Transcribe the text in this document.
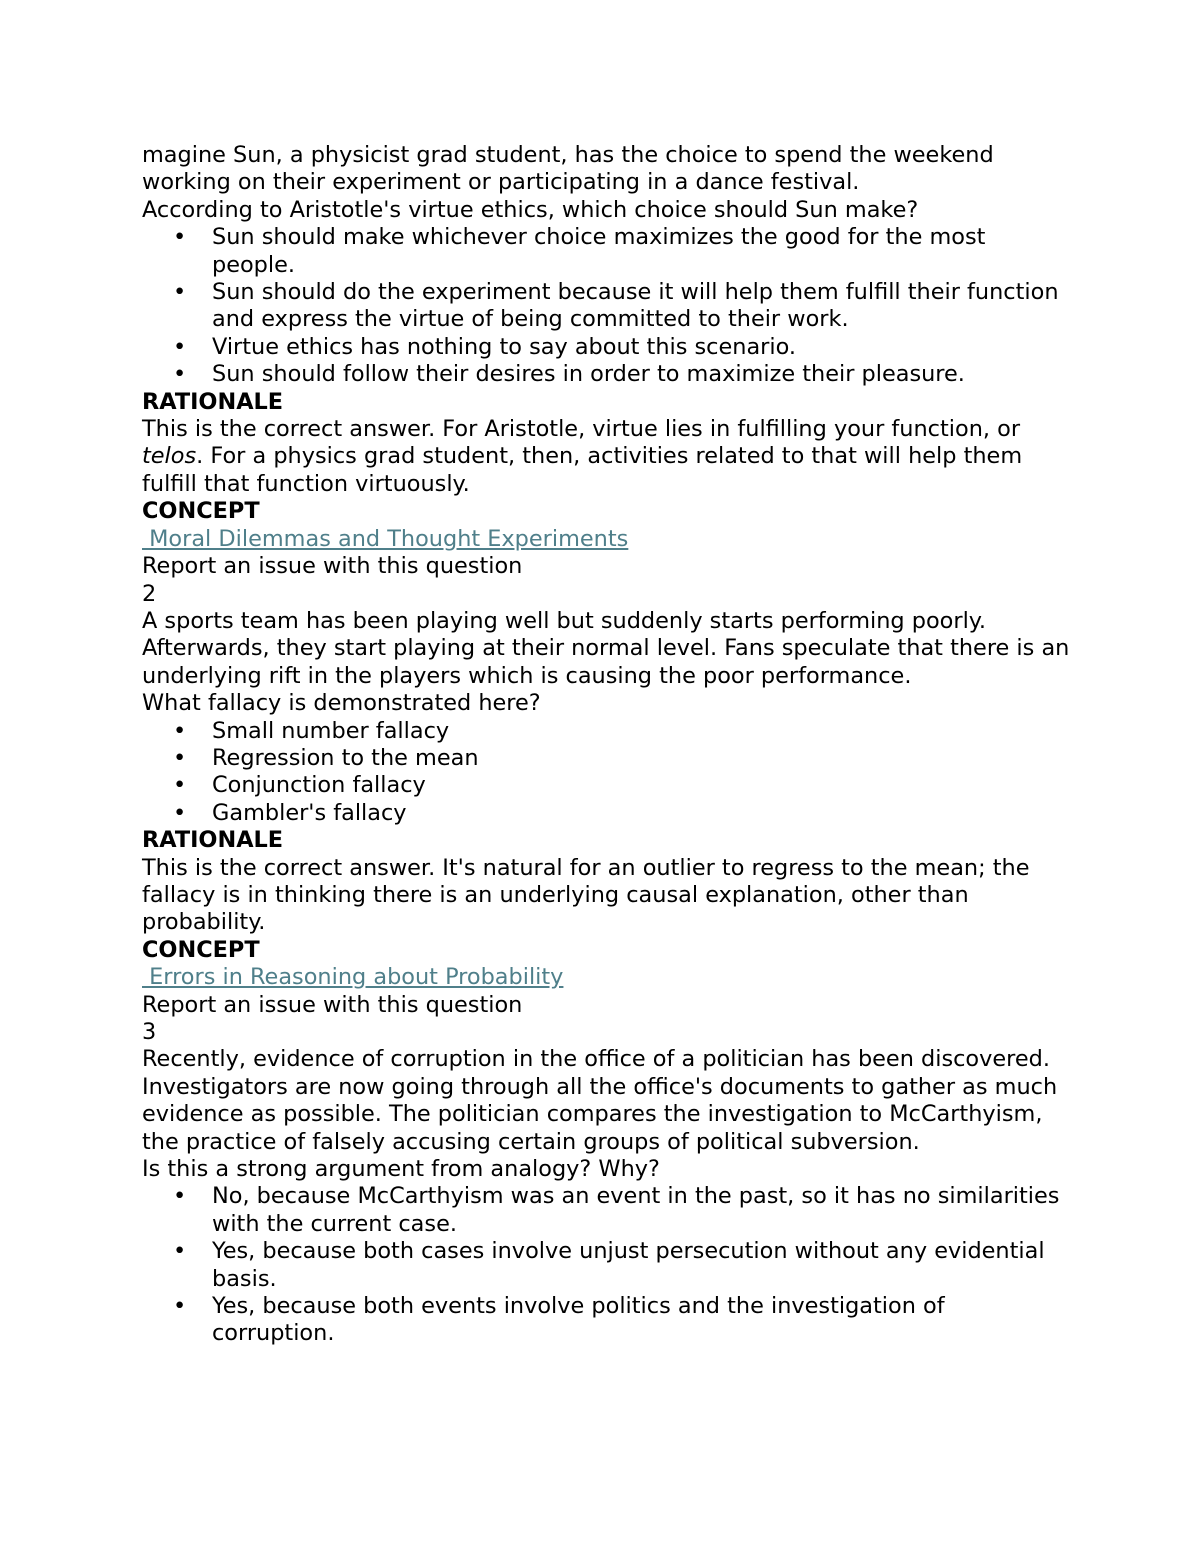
magine Sun, a physicist grad student, has the choice to spend the weekend working on their experiment or participating in a dance festival.

According to Aristotle's virtue ethics, which choice should Sun make?

• Sun should make whichever choice maximizes the good for the most people.
• Sun should do the experiment because it will help them fulfill their function and express the virtue of being committed to their work.
• Virtue ethics has nothing to say about this scenario.
• Sun should follow their desires in order to maximize their pleasure.

RATIONALE

This is the correct answer. For Aristotle, virtue lies in fulfilling your function, or telos. For a physics grad student, then, activities related to that will help them fulfill that function virtuously.

CONCEPT

Moral Dilemmas and Thought Experiments

Report an issue with this question

2

A sports team has been playing well but suddenly starts performing poorly. Afterwards, they start playing at their normal level. Fans speculate that there is an underlying rift in the players which is causing the poor performance.

What fallacy is demonstrated here?

• Small number fallacy
• Regression to the mean
• Conjunction fallacy
• Gambler's fallacy

RATIONALE

This is the correct answer. It's natural for an outlier to regress to the mean; the fallacy is in thinking there is an underlying causal explanation, other than probability.

CONCEPT

Errors in Reasoning about Probability

Report an issue with this question

3

Recently, evidence of corruption in the office of a politician has been discovered. Investigators are now going through all the office's documents to gather as much evidence as possible. The politician compares the investigation to McCarthyism, the practice of falsely accusing certain groups of political subversion.

Is this a strong argument from analogy? Why?

• No, because McCarthyism was an event in the past, so it has no similarities with the current case.
• Yes, because both cases involve unjust persecution without any evidential basis.
• Yes, because both events involve politics and the investigation of corruption.
